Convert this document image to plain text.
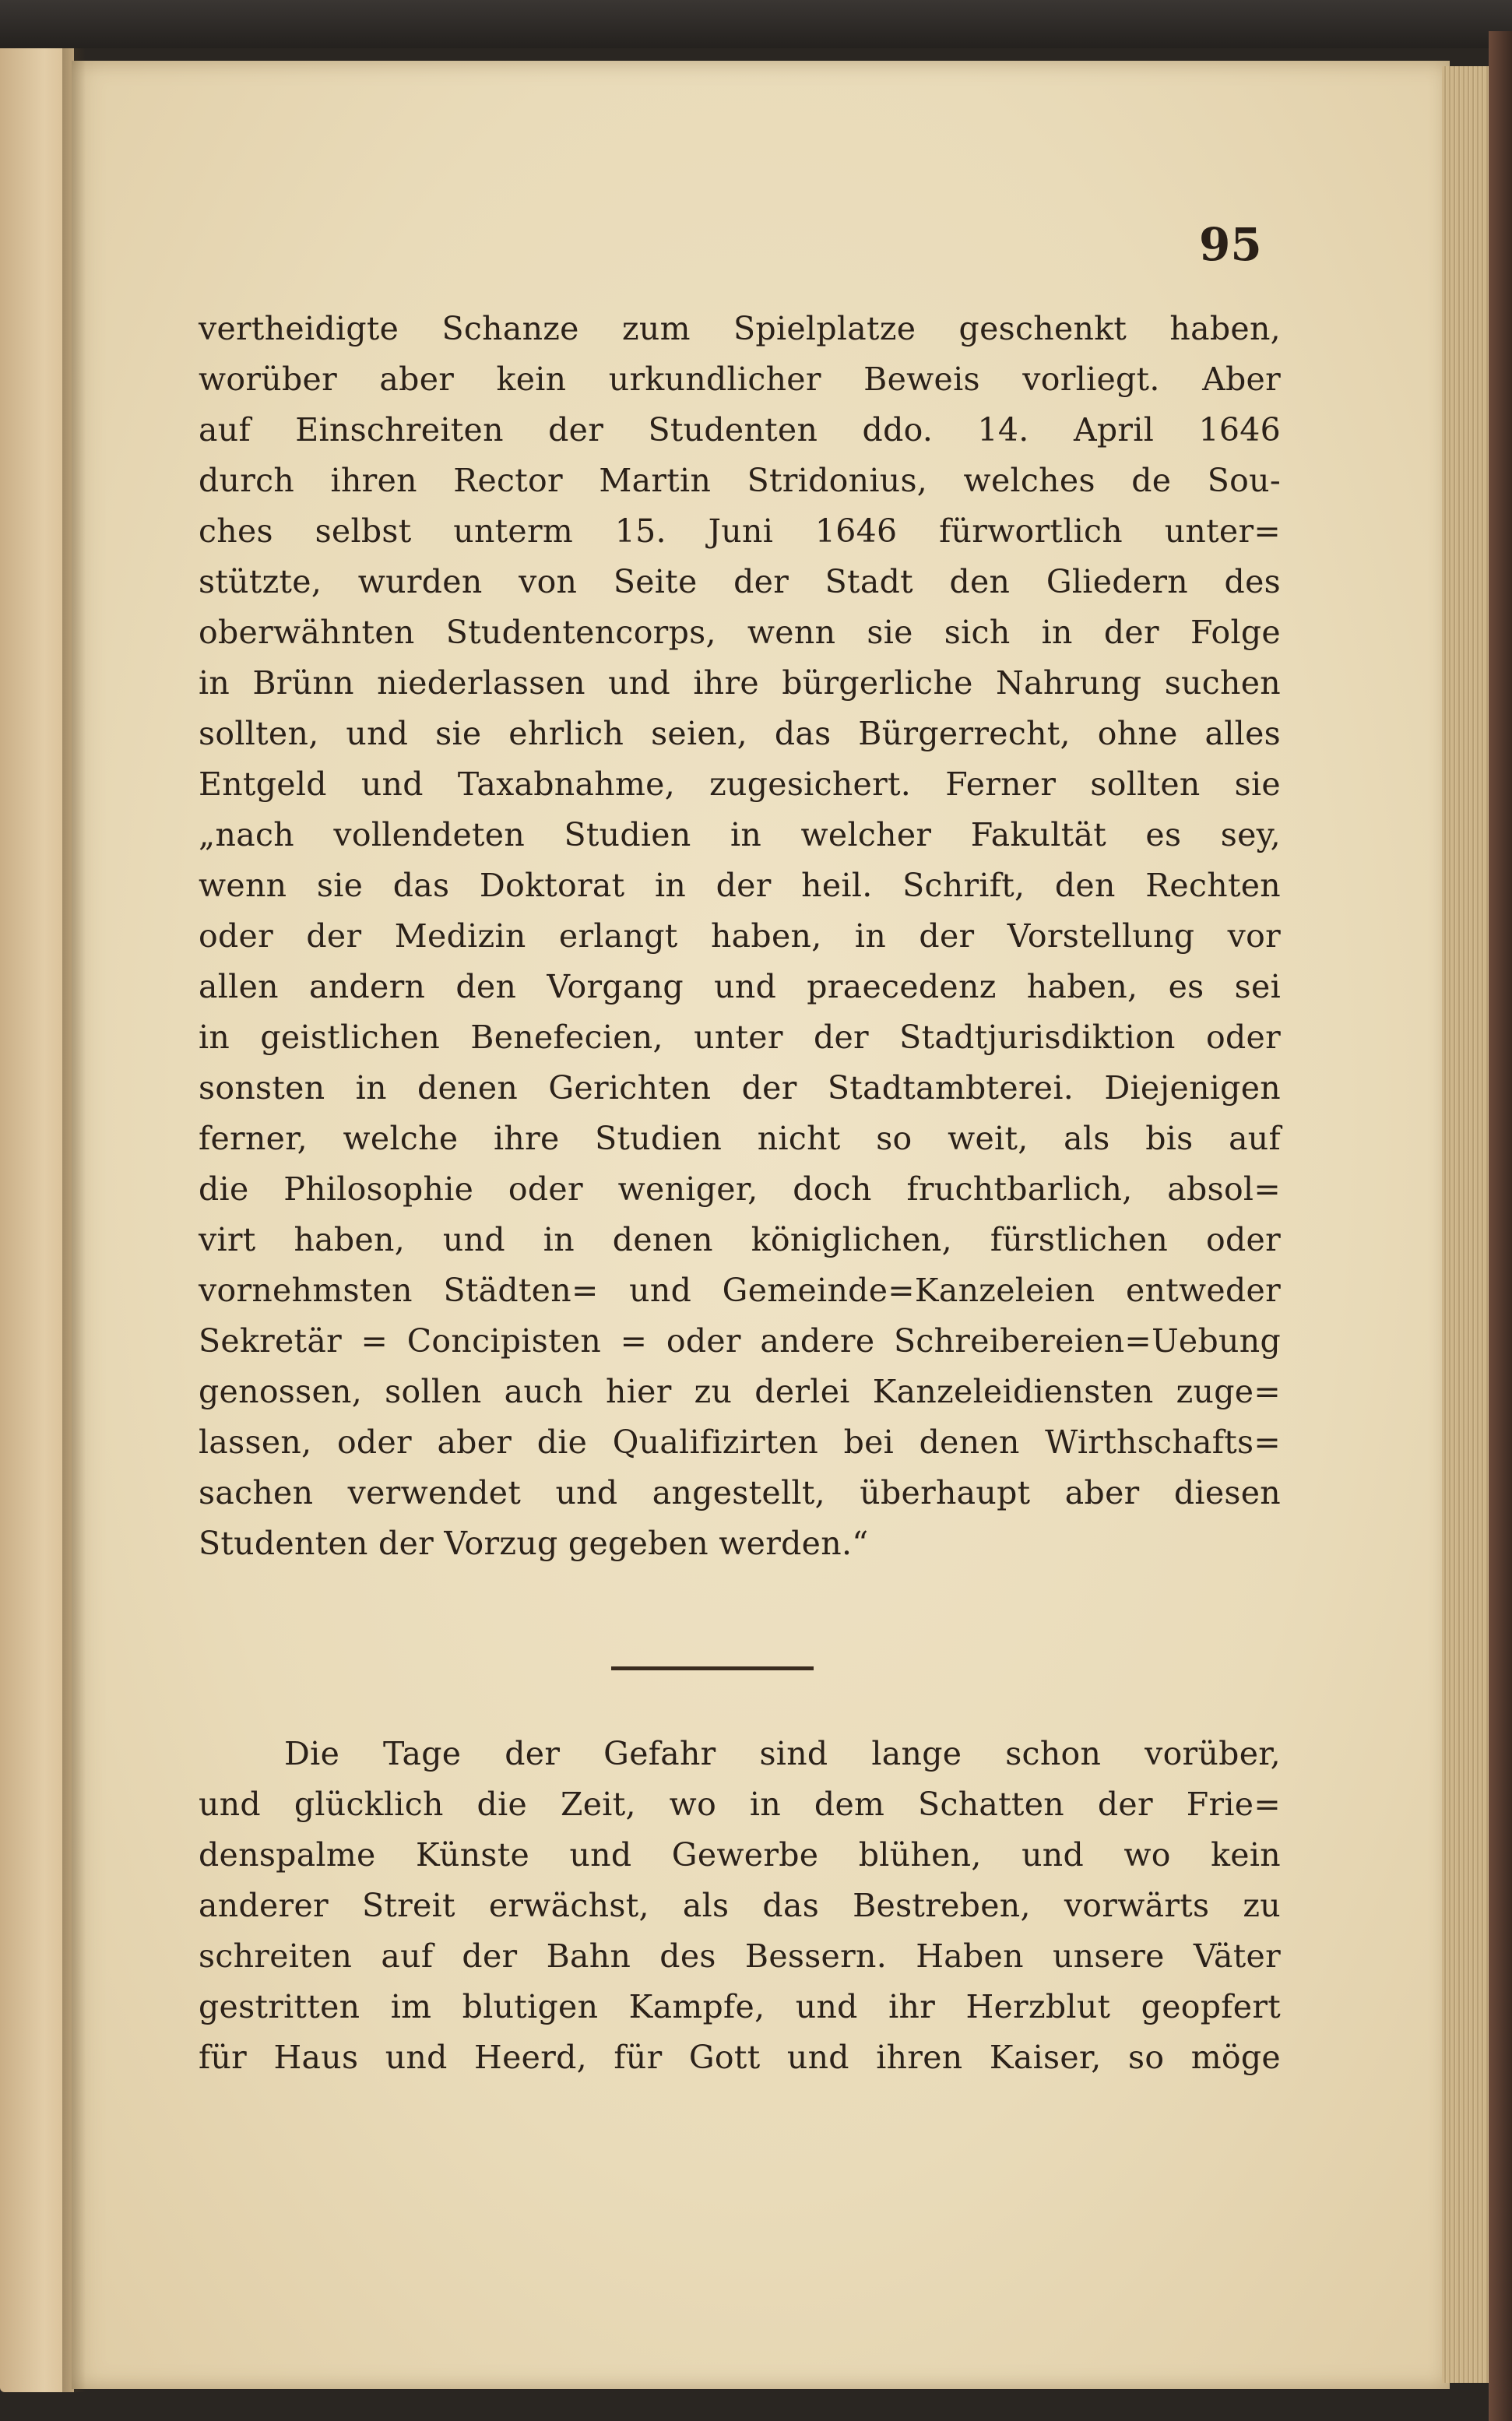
95
vertheidigte Schanze zum Spielplatze geschenkt haben,
worüber aber kein urkundlicher Beweis vorliegt. Aber
auf Einschreiten der Studenten ddo. 14. April 1646
durch ihren Rector Martin Stridonius, welches de Sou-
ches selbst unterm 15. Juni 1646 fürwortlich unter=
stützte, wurden von Seite der Stadt den Gliedern des
oberwähnten Studentencorps, wenn sie sich in der Folge
in Brünn niederlassen und ihre bürgerliche Nahrung suchen
sollten, und sie ehrlich seien, das Bürgerrecht, ohne alles
Entgeld und Taxabnahme, zugesichert. Ferner sollten sie
„nach vollendeten Studien in welcher Fakultät es sey,
wenn sie das Doktorat in der heil. Schrift, den Rechten
oder der Medizin erlangt haben, in der Vorstellung vor
allen andern den Vorgang und praecedenz haben, es sei
in geistlichen Benefecien, unter der Stadtjurisdiktion oder
sonsten in denen Gerichten der Stadtambterei. Diejenigen
ferner, welche ihre Studien nicht so weit, als bis auf
die Philosophie oder weniger, doch fruchtbarlich, absol=
virt haben, und in denen königlichen, fürstlichen oder
vornehmsten Städten= und Gemeinde=Kanzeleien entweder
Sekretär = Concipisten = oder andere Schreibereien=Uebung
genossen, sollen auch hier zu derlei Kanzeleidiensten zuge=
lassen, oder aber die Qualifizirten bei denen Wirthschafts=
sachen verwendet und angestellt, überhaupt aber diesen
Studenten der Vorzug gegeben werden.“
Die Tage der Gefahr sind lange schon vorüber,
und glücklich die Zeit, wo in dem Schatten der Frie=
denspalme Künste und Gewerbe blühen, und wo kein
anderer Streit erwächst, als das Bestreben, vorwärts zu
schreiten auf der Bahn des Bessern. Haben unsere Väter
gestritten im blutigen Kampfe, und ihr Herzblut geopfert
für Haus und Heerd, für Gott und ihren Kaiser, so möge
